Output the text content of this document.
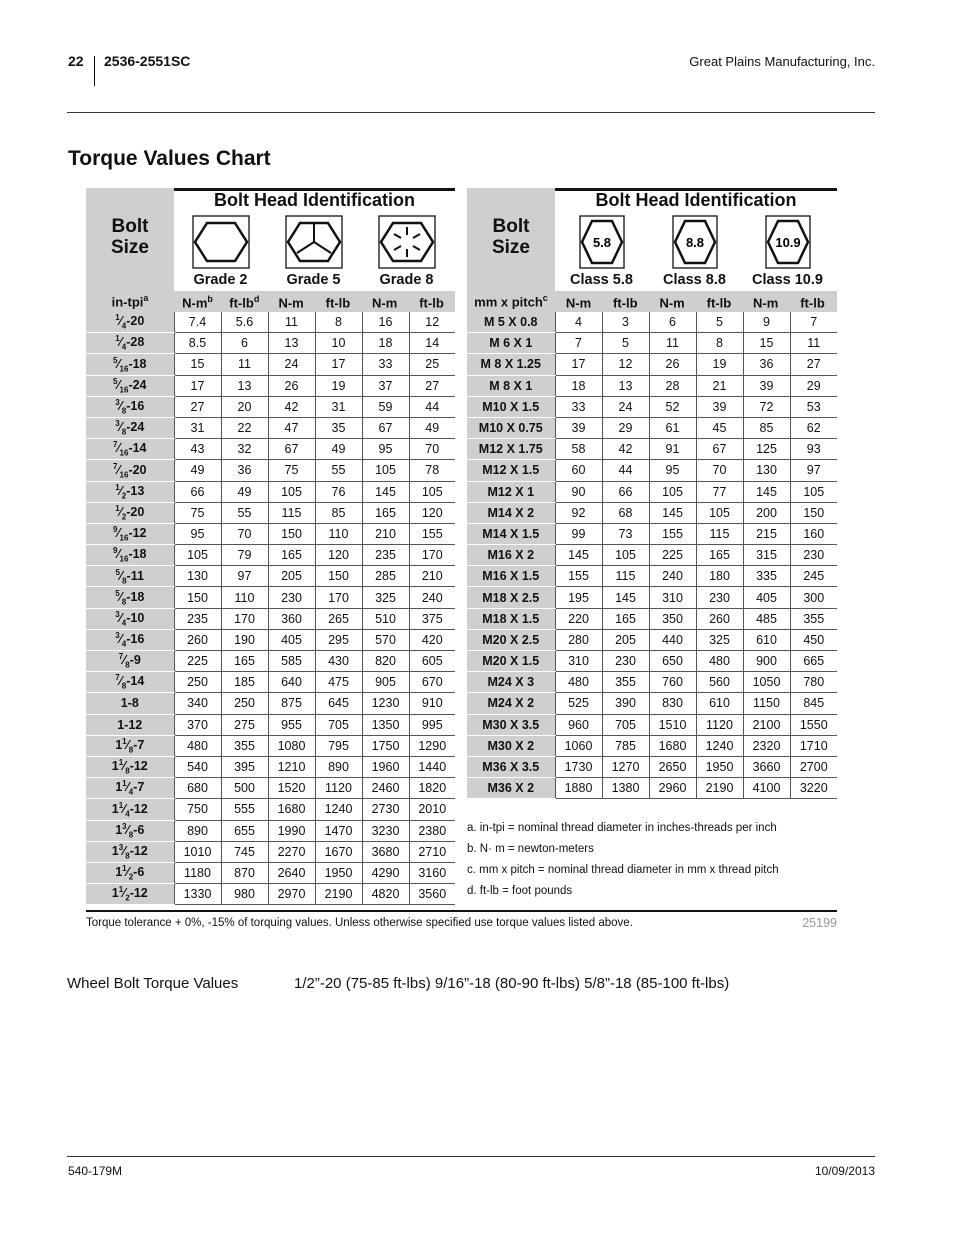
22 2536-2551SC	Great Plains Manufacturing, Inc.
Torque Values Chart
Bolt Size
in-tpi$^a$
Bolt Head Identification
Grade 2	Grade 5	Grade 8
$N-m^b$	$ft-lb^d$	N-m	ft-lb	N-m	ft-lb
$^1⁄_4-20$	7.4	5.6	11	8	16	12
$^1⁄_4-28$	8.5	6	13	10	18	14
$^5⁄_{16}-18$	15	11	24	17	33	25
$^5⁄_{16}-24$	17	13	26	19	37	27
$^3⁄_8-16$	27	20	42	31	59	44
$^3⁄_8-24$	31	22	47	35	67	49
$^7⁄_{16}-14$	43	32	67	49	95	70
$^7⁄_{16}-20$	49	36	75	55	105	78
$^1⁄_2-13$	66	49	105	76	145	105
$^1⁄_2-20$	75	55	115	85	165	120
$^9⁄_{16}-12$	95	70	150	110	210	155
$^9⁄_{16}-18$	105	79	165	120	235	170
$^5⁄_8-11$	130	97	205	150	285	210
$^5⁄_8-18$	150	110	230	170	325	240
$^3⁄_4-10$	235	170	360	265	510	375
$^3⁄_4-16$	260	190	405	295	570	420
$^7⁄_8-9$	225	165	585	430	820	605
$^7⁄_8-14$	250	185	640	475	905	670
1-8	340	250	875	645	1230	910
1-12	370	275	955	705	1350	995
$1^1⁄_8-7$	480	355	1080	795	1750	1290
$1^1⁄_8-12$	540	395	1210	890	1960	1440
$1^1⁄_4-7$	680	500	1520	1120	2460	1820
$1^1⁄_4-12$	750	555	1680	1240	2730	2010
$1^3⁄_8-6$	890	655	1990	1470	3230	2380
$1^3⁄_8-12$	1010	745	2270	1670	3680	2710
$1^1⁄_2-6$	1180	870	2640	1950	4290	3160
$1^1⁄_2-12$	1330	980	2970	2190	4820	3560
Bolt Size
mm x pitch$^c$
Bolt Head Identification
5.8
Class 5.8
8.8
Class 8.8
10.9
Class 10.9
N-m	ft-lb	N-m	ft-lb	N-m	ft-lb
M 5 X 0.8	4	3	6	5	9	7
M 6 X 1	7	5	11	8	15	11
M 8 X 1.25	17	12	26	19	36	27
M 8 X 1	18	13	28	21	39	29
M10 X 1.5	33	24	52	39	72	53
M10 X 0.75	39	29	61	45	85	62
M12 X 1.75	58	42	91	67	125	93
M12 X 1.5	60	44	95	70	130	97
M12 X 1	90	66	105	77	145	105
M14 X 2	92	68	145	105	200	150
M14 X 1.5	99	73	155	115	215	160
M16 X 2	145	105	225	165	315	230
M16 X 1.5	155	115	240	180	335	245
M18 X 2.5	195	145	310	230	405	300
M18 X 1.5	220	165	350	260	485	355
M20 X 2.5	280	205	440	325	610	450
M20 X 1.5	310	230	650	480	900	665
M24 X 3	480	355	760	560	1050	780
M24 X 2	525	390	830	610	1150	845
M30 X 3.5	960	705	1510	1120	2100	1550
M30 X 2	1060	785	1680	1240	2320	1710
M36 X 3.5	1730	1270	2650	1950	3660	2700
M36 X 2	1880	1380	2960	2190	4100	3220
a. in-tpi = nominal thread diameter in inches-threads per inch
b. N· m = newton-meters
c. mm x pitch = nominal thread diameter in mm x thread pitch
d. ft-lb = foot pounds
Torque tolerance + 0%, -15% of torquing values. Unless otherwise specified use torque values listed above.	25199
Wheel Bolt Torque Values	1/2”-20 (75-85 ft-lbs) 9/16”-18 (80-90 ft-lbs) 5/8”-18 (85-100 ft-lbs)
540-179M	10/09/2013
